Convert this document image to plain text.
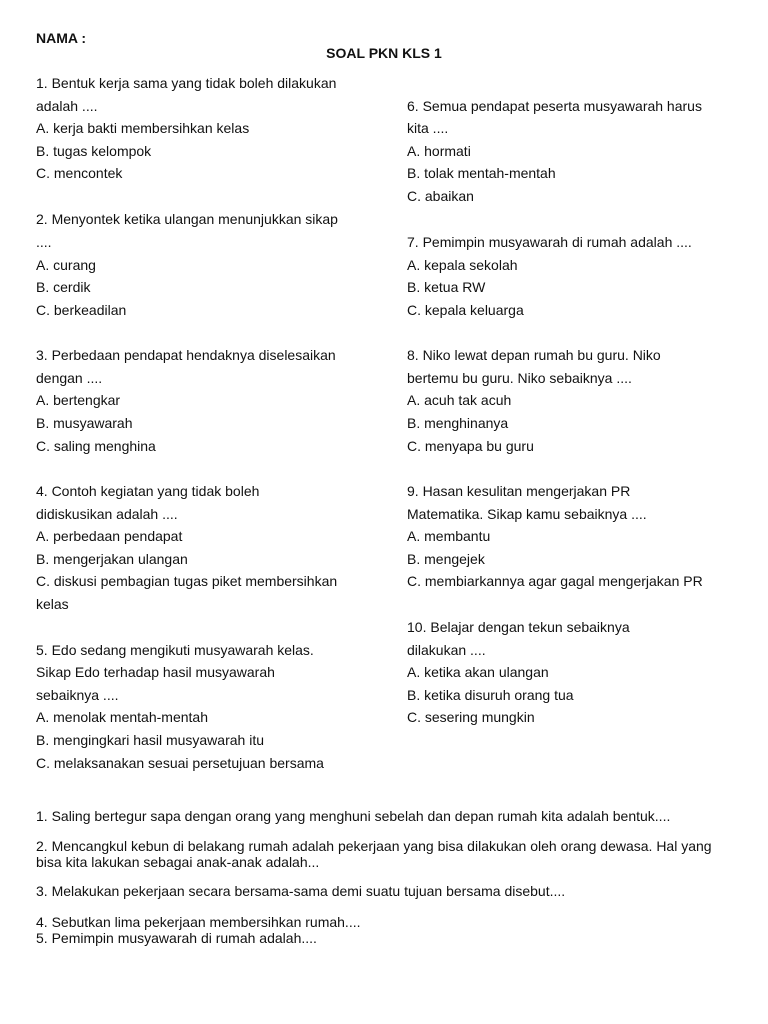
NAMA :
SOAL PKN KLS 1
1. Bentuk kerja sama yang tidak boleh dilakukan
adalah ....
A. kerja bakti membersihkan kelas
B. tugas kelompok
C. mencontek
2. Menyontek ketika ulangan menunjukkan sikap
....
A. curang
B. cerdik
C. berkeadilan
3. Perbedaan pendapat hendaknya diselesaikan
dengan ....
A. bertengkar
B. musyawarah
C. saling menghina
4. Contoh kegiatan yang tidak boleh
didiskusikan adalah ....
A. perbedaan pendapat
B. mengerjakan ulangan
C. diskusi pembagian tugas piket membersihkan
kelas
5. Edo sedang mengikuti musyawarah kelas.
Sikap Edo terhadap hasil musyawarah
sebaiknya ....
A. menolak mentah-mentah
B. mengingkari hasil musyawarah itu
C. melaksanakan sesuai persetujuan bersama
6. Semua pendapat peserta musyawarah harus
kita ....
A. hormati
B. tolak mentah-mentah
C. abaikan
7. Pemimpin musyawarah di rumah adalah ....
A. kepala sekolah
B. ketua RW
C. kepala keluarga
8. Niko lewat depan rumah bu guru. Niko
bertemu bu guru. Niko sebaiknya ....
A. acuh tak acuh
B. menghinanya
C. menyapa bu guru
9. Hasan kesulitan mengerjakan PR
Matematika. Sikap kamu sebaiknya ....
A. membantu
B. mengejek
C. membiarkannya agar gagal mengerjakan PR
10. Belajar dengan tekun sebaiknya
dilakukan ....
A. ketika akan ulangan
B. ketika disuruh orang tua
C. sesering mungkin
1. Saling bertegur sapa dengan orang yang menghuni sebelah dan depan rumah kita adalah bentuk....
2. Mencangkul kebun di belakang rumah adalah pekerjaan yang bisa dilakukan oleh orang dewasa. Hal yang bisa kita lakukan sebagai anak-anak adalah...
3. Melakukan pekerjaan secara bersama-sama demi suatu tujuan bersama disebut....
4. Sebutkan lima pekerjaan membersihkan rumah....
5. Pemimpin musyawarah di rumah adalah....
